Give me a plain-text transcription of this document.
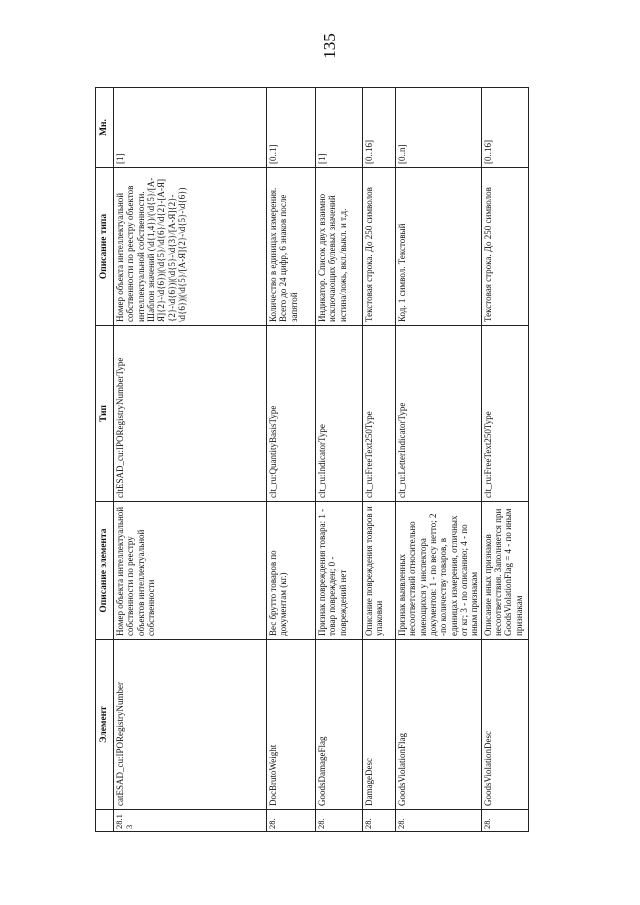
135
	Элемент	Описание элемента	Тип	Описание типа	Мн.
28.13	catESAD_cu:IPORegistryNumber	Номер объекта интеллектуальной собственности по реестру объектов интеллектуальной собственности	cltESAD_cu:IPORegistryNumberType	Номер объекта интеллектуальной собственности по реестру объектов интеллектуальной собственности. Шаблон значений (\d{1,4})/(\d{5}/[А-Я]{2}-\d{6})|(\d{5}/\d{6}/\d{2}-[А-Я]{2}-\d{6})|(\d{5}-\d{3}/[А-Я]{2}-\d{6})|(\d{5}/[А-Я]{2}-\d{5}-\d{6})	[1]
28.	DocBrutoWeight	Вес брутто товаров по документам (кг.)	clt_ru:QuantityBasisType	Количество в единицах измерения. Всего до 24 цифр, 6 знаков после запятой	[0..1]
28.	GoodsDamageFlag	Признак повреждения товара: 1 - товар поврежден; 0 - повреждений нет	clt_ru:IndicatorType	Индикатор. Список двух взаимно исключающих булевых значений истина/ложь, вкл./выкл. и т.д.	[1]
28.	DamageDesc	Описание повреждения товаров и упаковки	clt_ru:FreeText250Type	Текстовая строка. До 250 символов	[0..16]
28.	GoodsViolationFlag	Признак выявленных несоответствий относительно имеющихся у инспектора документов: 1 - по весу нетто; 2 -по количеству товаров, в единицах измерения, отличных от кг; 3 - по описанию; 4 - по иным признакам	clt_ru:LetterIndicatorType	Код. 1 символ. Текстовый	[0..n]
28.	GoodsViolationDesc	Описание иных признаков несоответствия. Заполняется при GoodsViolationFlag = 4 - по иным признакам	clt_ru:FreeText250Type	Текстовая строка. До 250 символов	[0..16]
